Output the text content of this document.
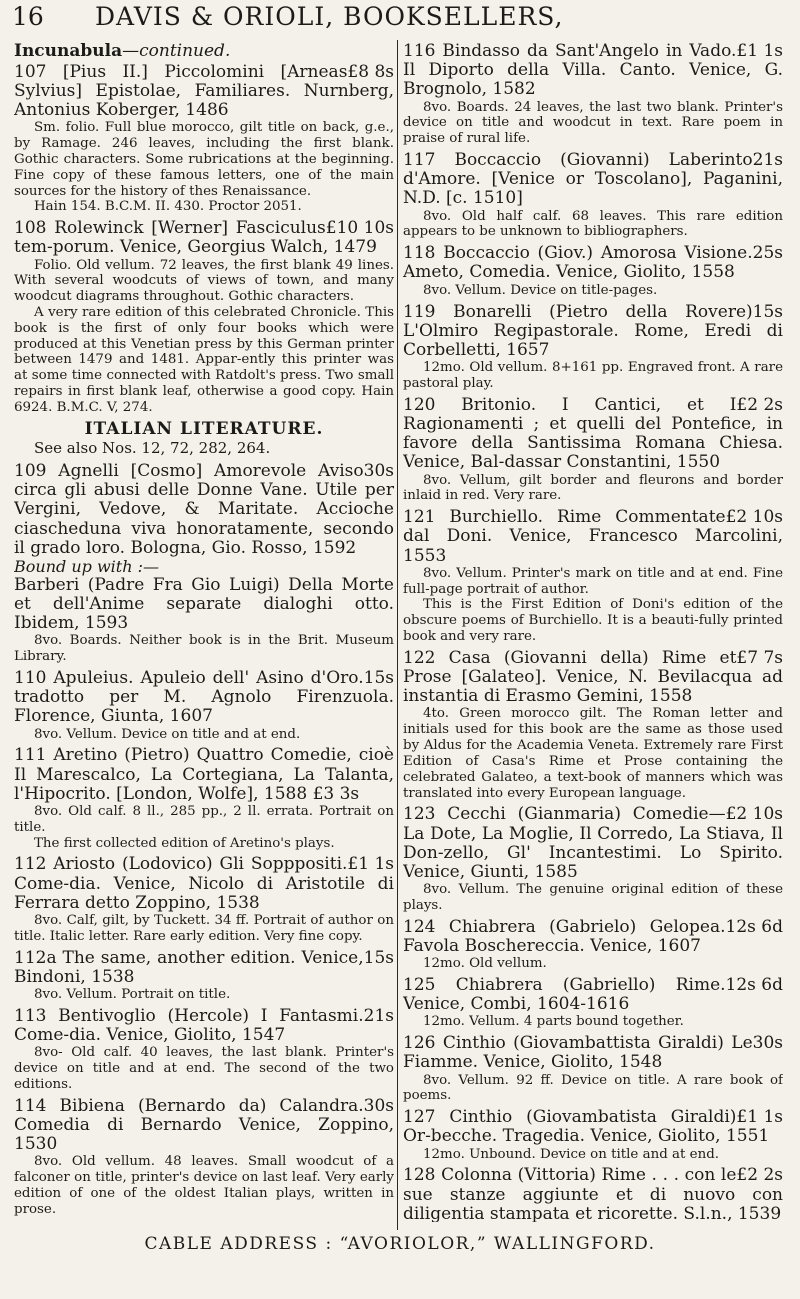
16 DAVIS & ORIOLI, BOOKSELLERS,
Incunabula—continued.
£8 8s
107 [Pius II.] Piccolomini [Arneas Sylvius] Epistolae, Familiares. Nurnberg, Antonius Koberger, 1486
Sm. folio. Full blue morocco, gilt title on back, g.e., by Ramage. 246 leaves, including the first blank. Gothic characters. Some rubrications at the beginning. Fine copy of these famous letters, one of the main sources for the history of thes Renaissance.
Hain 154. B.C.M. II. 430. Proctor 2051.
£10 10s
108 Rolewinck [Werner] Fasciculus tem-porum. Venice, Georgius Walch, 1479
Folio. Old vellum. 72 leaves, the first blank 49 lines. With several woodcuts of views of town, and many woodcut diagrams throughout. Gothic characters.
A very rare edition of this celebrated Chronicle. This book is the first of only four books which were produced at this Venetian press by this German printer between 1479 and 1481. Appar-ently this printer was at some time connected with Ratdolt's press. Two small repairs in first blank leaf, otherwise a good copy. Hain 6924. B.M.C. V, 274.
ITALIAN LITERATURE.
See also Nos. 12, 72, 282, 264.
30s
109 Agnelli [Cosmo] Amorevole Aviso circa gli abusi delle Donne Vane. Utile per Vergini, Vedove, & Maritate. Accioche ciascheduna viva honoratamente, secondo il grado loro. Bologna, Gio. Rosso, 1592
Bound up with :—
Barberi (Padre Fra Gio Luigi) Della Morte et dell'Anime separate dialoghi otto. Ibidem, 1593
8vo. Boards. Neither book is in the Brit. Museum Library.
15s
110 Apuleius. Apuleio dell' Asino d'Oro. tradotto per M. Agnolo Firenzuola. Florence, Giunta, 1607
8vo. Vellum. Device on title and at end.
111 Aretino (Pietro) Quattro Comedie, cioè Il Marescalco, La Cortegiana, La Talanta, l'Hipocrito. [London, Wolfe], 1588 £3 3s
8vo. Old calf. 8 ll., 285 pp., 2 ll. errata. Portrait on title.
The first collected edition of Aretino's plays.
£1 1s
112 Ariosto (Lodovico) Gli Sopppositi. Come-dia. Venice, Nicolo di Aristotile di Ferrara detto Zoppino, 1538
8vo. Calf, gilt, by Tuckett. 34 ff. Portrait of author on title. Italic letter. Rare early edition. Very fine copy.
15s
112a The same, another edition. Venice, Bindoni, 1538
8vo. Vellum. Portrait on title.
21s
113 Bentivoglio (Hercole) I Fantasmi. Come-dia. Venice, Giolito, 1547
8vo- Old calf. 40 leaves, the last blank. Printer's device on title and at end. The second of the two editions.
30s
114 Bibiena (Bernardo da) Calandra. Comedia di Bernardo Venice, Zoppino, 1530
8vo. Old vellum. 48 leaves. Small woodcut of a falconer on title, printer's device on last leaf. Very early edition of one of the oldest Italian plays, written in prose.
£1 1s
116 Bindasso da Sant'Angelo in Vado. Il Diporto della Villa. Canto. Venice, G. Brognolo, 1582
8vo. Boards. 24 leaves, the last two blank. Printer's device on title and woodcut in text. Rare poem in praise of rural life.
21s
117 Boccaccio (Giovanni) Laberinto d'Amore. [Venice or Toscolano], Paganini, N.D. [c. 1510]
8vo. Old half calf. 68 leaves. This rare edition appears to be unknown to bibliographers.
25s
118 Boccaccio (Giov.) Amorosa Visione. Ameto, Comedia. Venice, Giolito, 1558
8vo. Vellum. Device on title-pages.
15s
119 Bonarelli (Pietro della Rovere) L'Olmiro Regipastorale. Rome, Eredi di Corbelletti, 1657
12mo. Old vellum. 8+161 pp. Engraved front. A rare pastoral play.
£2 2s
120 Britonio. I Cantici, et I Ragionamenti ; et quelli del Pontefice, in favore della Santissima Romana Chiesa. Venice, Bal-dassar Constantini, 1550
8vo. Vellum, gilt border and fleurons and border inlaid in red. Very rare.
£2 10s
121 Burchiello. Rime Commentate dal Doni. Venice, Francesco Marcolini, 1553
8vo. Vellum. Printer's mark on title and at end. Fine full-page portrait of author.
This is the First Edition of Doni's edition of the obscure poems of Burchiello. It is a beauti-fully printed book and very rare.
£7 7s
122 Casa (Giovanni della) Rime et Prose [Galateo]. Venice, N. Bevilacqua ad instantia di Erasmo Gemini, 1558
4to. Green morocco gilt. The Roman letter and initials used for this book are the same as those used by Aldus for the Academia Veneta. Extremely rare First Edition of Casa's Rime et Prose containing the celebrated Galateo, a text-book of manners which was translated into every European language.
£2 10s
123 Cecchi (Gianmaria) Comedie—La Dote, La Moglie, Il Corredo, La Stiava, Il Don-zello, Gl' Incantestimi. Lo Spirito. Venice, Giunti, 1585
8vo. Vellum. The genuine original edition of these plays.
12s 6d
124 Chiabrera (Gabrielo) Gelopea. Favola Boschereccia. Venice, 1607
12mo. Old vellum.
12s 6d
125 Chiabrera (Gabriello) Rime. Venice, Combi, 1604-1616
12mo. Vellum. 4 parts bound together.
30s
126 Cinthio (Giovambattista Giraldi) Le Fiamme. Venice, Giolito, 1548
8vo. Vellum. 92 ff. Device on title. A rare book of poems.
£1 1s
127 Cinthio (Giovambatista Giraldi) Or-becche. Tragedia. Venice, Giolito, 1551
12mo. Unbound. Device on title and at end.
£2 2s
128 Colonna (Vittoria) Rime . . . con le sue stanze aggiunte et di nuovo con diligentia stampata et ricorette. S.l.n., 1539
CABLE ADDRESS : “AVORIOLOR,” WALLINGFORD.
